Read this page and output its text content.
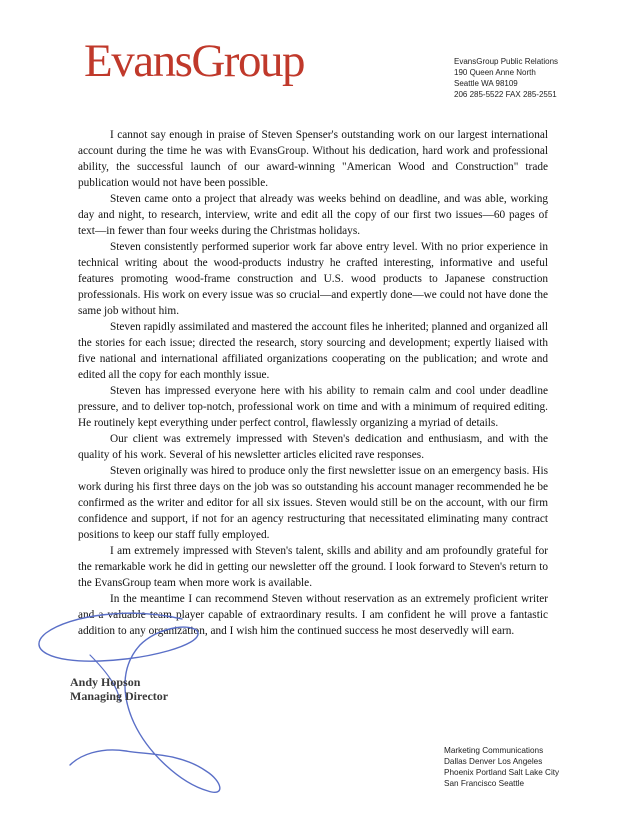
EvansGroup	EvansGroup Public Relations
190 Queen Anne North
Seattle WA 98109
206 285-5522 FAX 285-2551

I cannot say enough in praise of Steven Spenser's outstanding work on our largest international account during the time he was with EvansGroup. Without his dedication, hard work and professional ability, the successful launch of our award-winning "American Wood and Construction" trade publication would not have been possible.

Steven came onto a project that already was weeks behind on deadline, and was able, working day and night, to research, interview, write and edit all the copy of our first two issues—60 pages of text—in fewer than four weeks during the Christmas holidays.

Steven consistently performed superior work far above entry level. With no prior experience in technical writing about the wood-products industry he crafted interesting, informative and useful features promoting wood-frame construction and U.S. wood products to Japanese construction professionals. His work on every issue was so crucial—and expertly done—we could not have done the same job without him.

Steven rapidly assimilated and mastered the account files he inherited; planned and organized all the stories for each issue; directed the research, story sourcing and development; expertly liaised with five national and international affiliated organizations cooperating on the publication; and wrote and edited all the copy for each monthly issue.

Steven has impressed everyone here with his ability to remain calm and cool under deadline pressure, and to deliver top-notch, professional work on time and with a minimum of required editing. He routinely kept everything under perfect control, flawlessly organizing a myriad of details.

Our client was extremely impressed with Steven's dedication and enthusiasm, and with the quality of his work. Several of his newsletter articles elicited rave responses.

Steven originally was hired to produce only the first newsletter issue on an emergency basis. His work during his first three days on the job was so outstanding his account manager recommended he be confirmed as the writer and editor for all six issues. Steven would still be on the account, with our firm confidence and support, if not for an agency restructuring that necessitated eliminating many contract positions to keep our staff fully employed.

I am extremely impressed with Steven's talent, skills and ability and am profoundly grateful for the remarkable work he did in getting our newsletter off the ground. I look forward to Steven's return to the EvansGroup team when more work is available.

In the meantime I can recommend Steven without reservation as an extremely proficient writer and a valuable team player capable of extraordinary results. I am confident he will prove a fantastic addition to any organization, and I wish him the continued success he most deservedly will earn.

Andy Hopson
Managing Director
Marketing Communications
Dallas Denver Los Angeles
Phoenix Portland Salt Lake City
San Francisco Seattle
